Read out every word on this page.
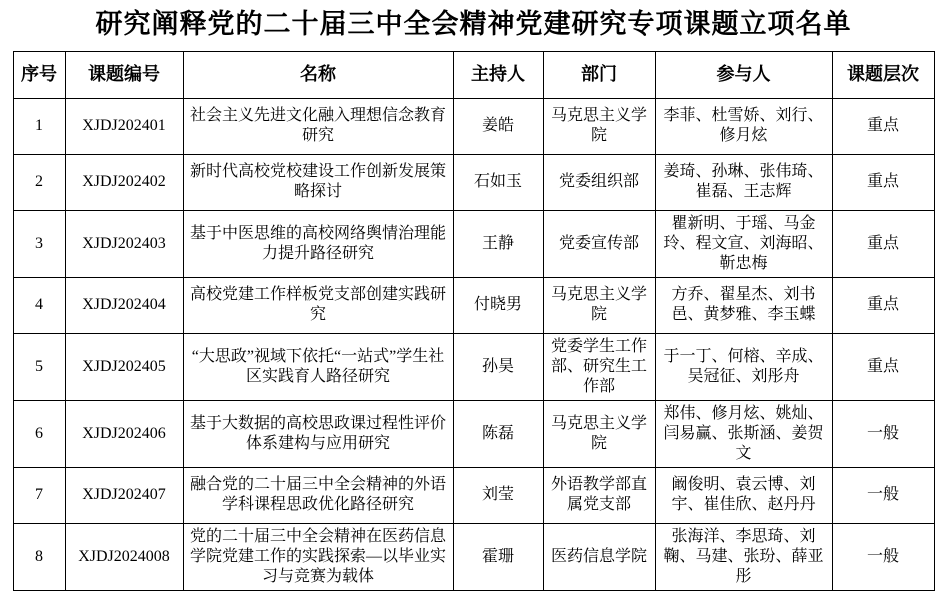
研究阐释党的二十届三中全会精神党建研究专项课题立项名单
序号	课题编号	名称	主持人	部门	参与人	课题层次
1	XJDJ202401	社会主义先进文化融入理想信念教育研究	姜皓	马克思主义学院	李菲、杜雪娇、刘行、修月炫	重点
2	XJDJ202402	新时代高校党校建设工作创新发展策略探讨	石如玉	党委组织部	姜琦、孙琳、张伟琦、崔磊、王志辉	重点
3	XJDJ202403	基于中医思维的高校网络舆情治理能力提升路径研究	王静	党委宣传部	瞿新明、于瑶、马金玲、程文宣、刘海昭、靳忠梅	重点
4	XJDJ202404	高校党建工作样板党支部创建实践研究	付晓男	马克思主义学院	方乔、翟星杰、刘书邑、黄梦雅、李玉蝶	重点
5	XJDJ202405	“大思政”视域下依托“一站式”学生社区实践育人路径研究	孙昊	党委学生工作部、研究生工作部	于一丁、何榕、辛成、吴冠征、刘彤舟	重点
6	XJDJ202406	基于大数据的高校思政课过程性评价体系建构与应用研究	陈磊	马克思主义学院	郑伟、修月炫、姚灿、闫易赢、张斯涵、姜贺文	一般
7	XJDJ202407	融合党的二十届三中全会精神的外语学科课程思政优化路径研究	刘莹	外语教学部直属党支部	阚俊明、袁云博、刘宇、崔佳欣、赵丹丹	一般
8	XJDJ2024008	党的二十届三中全会精神在医药信息学院党建工作的实践探索—以毕业实习与竞赛为载体	霍珊	医药信息学院	张海洋、李思琦、刘鞠、马建、张玢、薛亚彤	一般
